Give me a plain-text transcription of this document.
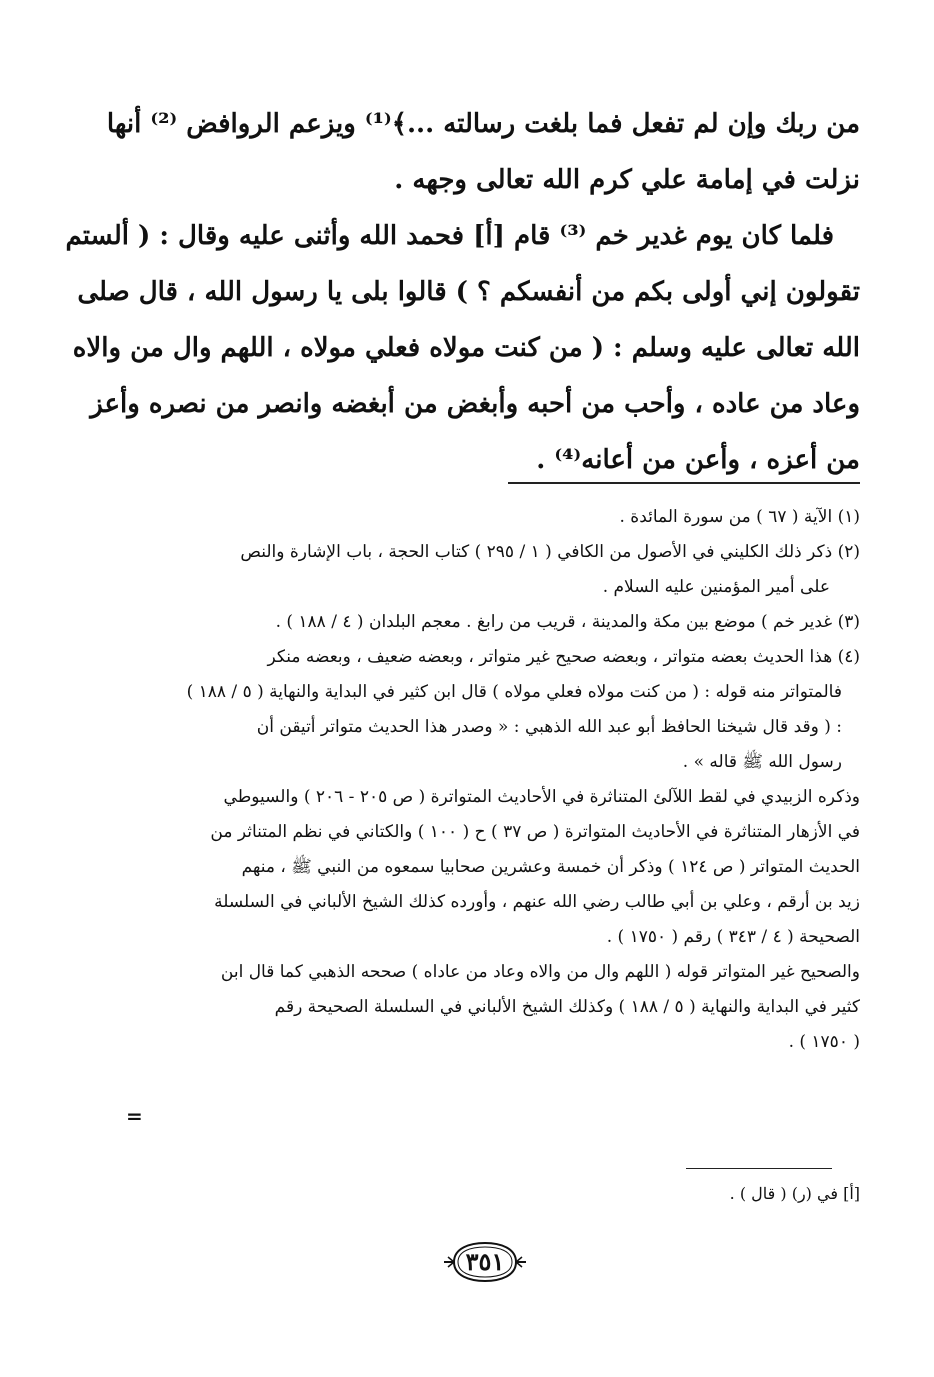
من ربك وإن لم تفعل فما بلغت رسالته ...﴾⁽¹⁾ ويزعم الروافض ⁽²⁾ أنها
نزلت في إمامة علي كرم الله تعالى وجهه .
فلما كان يوم غدير خم ⁽³⁾ قام [أ] فحمد الله وأثنى عليه وقال : ( ألستم
تقولون إني أولى بكم من أنفسكم ؟ ) قالوا بلى يا رسول الله ، قال صلى
الله تعالى عليه وسلم : ( من كنت مولاه فعلي مولاه ، اللهم وال من والاه
وعاد من عاده ، وأحب من أحبه وأبغض من أبغضه وانصر من نصره وأعز
من أعزه ، وأعن من أعانه⁽⁴⁾ .
(١) الآية ( ٦٧ ) من سورة المائدة .
(٢) ذكر ذلك الكليني في الأصول من الكافي ( ١ / ٢٩٥ ) كتاب الحجة ، باب الإشارة والنص
على أمير المؤمنين عليه السلام .
(٣) غدير خم ) موضع بين مكة والمدينة ، قريب من رابغ . معجم البلدان ( ٤ / ١٨٨ ) .
(٤) هذا الحديث بعضه متواتر ، وبعضه صحيح غير متواتر ، وبعضه ضعيف ، وبعضه منكر
فالمتواتر منه قوله : ( من كنت مولاه فعلي مولاه ) قال ابن كثير في البداية والنهاية ( ٥ / ١٨٨ )
: ( وقد قال شيخنا الحافظ أبو عبد الله الذهبي : « وصدر هذا الحديث متواتر أتيقن أن
رسول الله ﷺ قاله » .
وذكره الزبيدي في لقط اللآلئ المتناثرة في الأحاديث المتواترة ( ص ٢٠٥ - ٢٠٦ ) والسيوطي
في الأزهار المتناثرة في الأحاديث المتواترة ( ص ٣٧ ) ح ( ١٠٠ ) والكتاني في نظم المتناثر من
الحديث المتواتر ( ص ١٢٤ ) وذكر أن خمسة وعشرين صحابيا سمعوه من النبي ﷺ ، منهم
زيد بن أرقم ، وعلي بن أبي طالب رضي الله عنهم ، وأورده كذلك الشيخ الألباني في السلسلة
الصحيحة ( ٤ / ٣٤٣ ) رقم ( ١٧٥٠ ) .
والصحيح غير المتواتر قوله ( اللهم وال من والاه وعاد من عاداه ) صححه الذهبي كما قال ابن
كثير في البداية والنهاية ( ٥ / ١٨٨ ) وكذلك الشيخ الألباني في السلسلة الصحيحة رقم
( ١٧٥٠ ) .
=
[أ] في (ر) ( قال ) .
٣٥١
